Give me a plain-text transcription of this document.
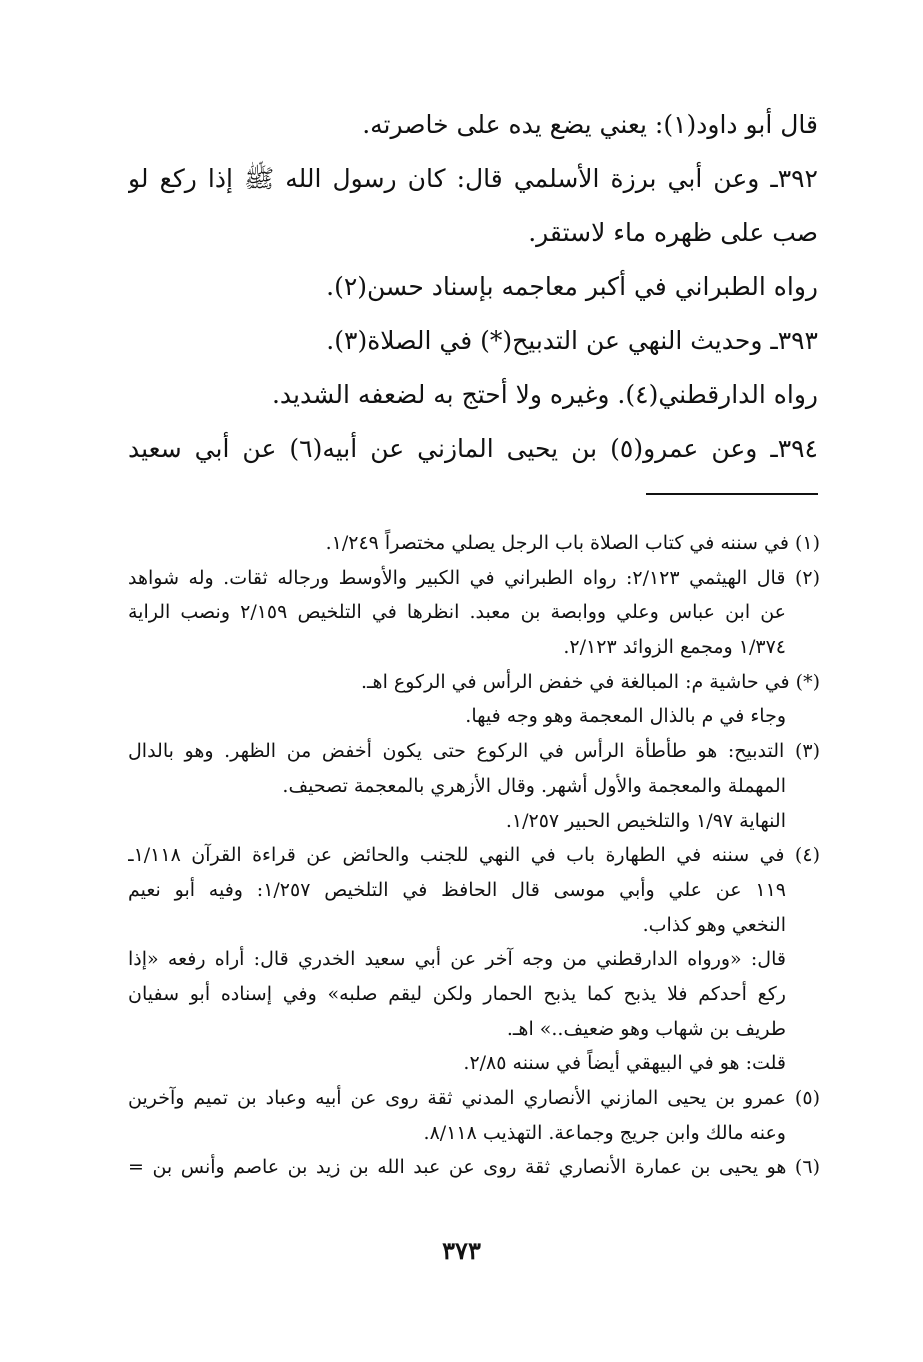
قال أبو داود(١): يعني يضع يده على خاصرته.
٣٩٢ـ وعن أبي برزة الأسلمي قال: كان رسول الله ﷺ إذا ركع لو
صب على ظهره ماء لاستقر.
رواه الطبراني في أكبر معاجمه بإسناد حسن(٢).
٣٩٣ـ وحديث النهي عن التدبيح(*) في الصلاة(٣).
رواه الدارقطني(٤). وغيره ولا أحتج به لضعفه الشديد.
٣٩٤ـ وعن عمرو(٥) بن يحيى المازني عن أبيه(٦) عن أبي سعيد
(١) في سننه في كتاب الصلاة باب الرجل يصلي مختصراً ١/٢٤٩.
(٢) قال الهيثمي ٢/١٢٣: رواه الطبراني في الكبير والأوسط ورجاله ثقات. وله شواهد
عن ابن عباس وعلي ووابصة بن معبد. انظرها في التلخيص ٢/١٥٩ ونصب الراية
١/٣٧٤ ومجمع الزوائد ٢/١٢٣.
(*) في حاشية م: المبالغة في خفض الرأس في الركوع اهـ.
وجاء في م بالذال المعجمة وهو وجه فيها.
(٣) التدبيح: هو طأطأة الرأس في الركوع حتى يكون أخفض من الظهر. وهو بالدال
المهملة والمعجمة والأول أشهر. وقال الأزهري بالمعجمة تصحيف.
النهاية ١/٩٧ والتلخيص الحبير ١/٢٥٧.
(٤) في سننه في الطهارة باب في النهي للجنب والحائض عن قراءة القرآن ١/١١٨ـ
١١٩ عن علي وأبي موسى قال الحافظ في التلخيص ١/٢٥٧: وفيه أبو نعيم
النخعي وهو كذاب.
قال: «ورواه الدارقطني من وجه آخر عن أبي سعيد الخدري قال: أراه رفعه «إذا
ركع أحدكم فلا يذبح كما يذبح الحمار ولكن ليقم صلبه» وفي إسناده أبو سفيان
طريف بن شهاب وهو ضعيف..» اهـ.
قلت: هو في البيهقي أيضاً في سننه ٢/٨٥.
(٥) عمرو بن يحيى المازني الأنصاري المدني ثقة روى عن أبيه وعباد بن تميم وآخرين
وعنه مالك وابن جريج وجماعة. التهذيب ٨/١١٨.
(٦) هو يحيى بن عمارة الأنصاري ثقة روى عن عبد الله بن زيد بن عاصم وأنس بن =
٣٧٣
